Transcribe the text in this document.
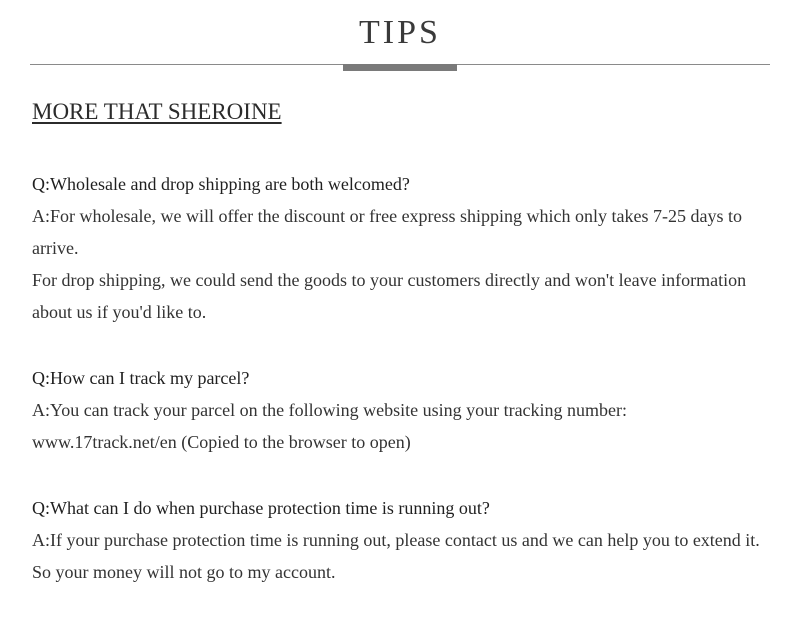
TIPS
MORE THAT SHEROINE

Q:Wholesale and drop shipping are both welcomed?

A:For wholesale, we will offer the discount or free express shipping which only takes 7-25 days to arrive.

For drop shipping, we could send the goods to your customers directly and won't leave information about us if you'd like to.

Q:How can I track my parcel?

A:You can track your parcel on the following website using your tracking number: www.17track.net/en (Copied to the browser to open)

Q:What can I do when purchase protection time is running out?

A:If your purchase protection time is running out, please contact us and we can help you to extend it. So your money will not go to my account.
